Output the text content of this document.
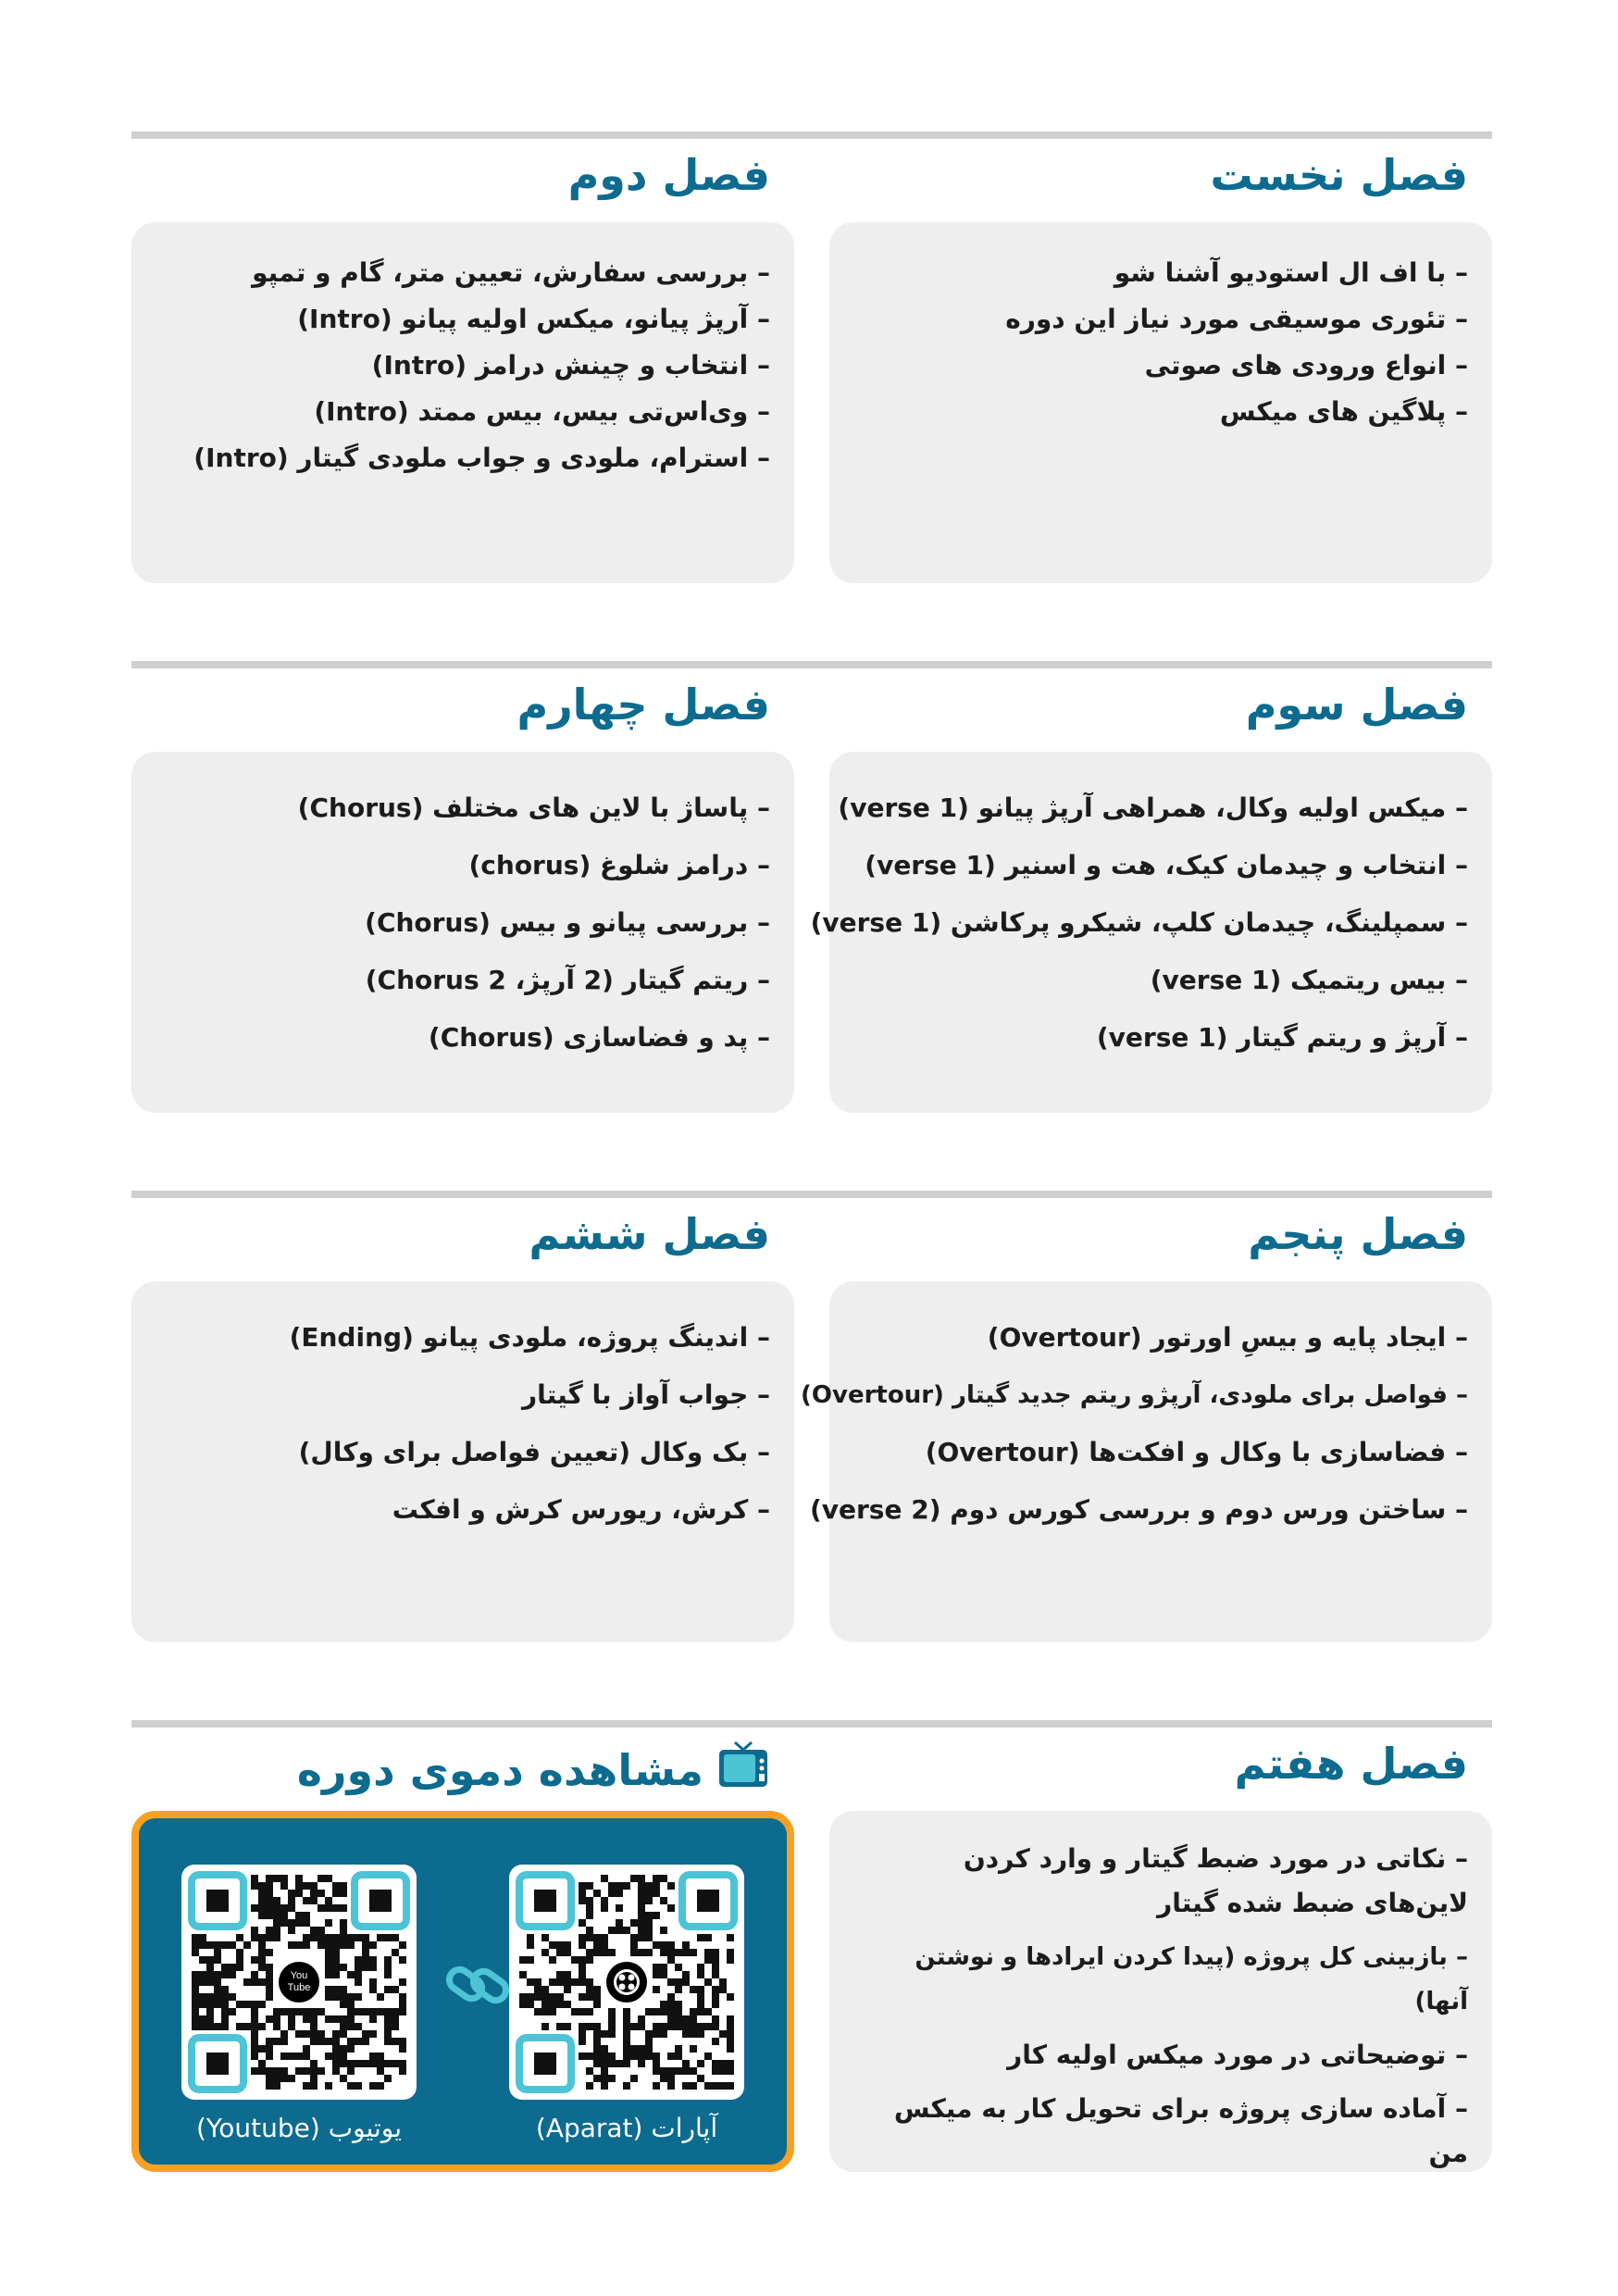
فصل نخست
فصل دوم
– با اف ال استودیو آشنا شو
– تئوری موسیقی مورد نیاز این دوره
– انواع ورودی های صوتی
– پلاگین های میکس
– بررسی سفارش، تعیین متر، گام و تمپو
– آرپژ پیانو، میکس اولیه پیانو (Intro)
– انتخاب و چینش درامز (Intro)
– وی‌اس‌تی بیس، بیس ممتد (Intro)
– استرام، ملودی و جواب ملودی گیتار (Intro)
فصل سوم
فصل چهارم
– میکس اولیه وکال، همراهی آرپژ پیانو (1 verse)
– انتخاب و چیدمان کیک، هت و اسنیر (1 verse)
– سمپلینگ، چیدمان کلپ، شیکرو پرکاشن (1 verse)
– بیس ریتمیک (1 verse)
– آرپژ و ریتم گیتار (1 verse)
– پاساژ با لاین های مختلف (Chorus)
– درامز شلوغ (chorus)
– بررسی پیانو و بیس (Chorus)
– ریتم گیتار (2 آرپژ، 2 Chorus)
– پد و فضاسازی (Chorus)
فصل پنجم
فصل ششم
– ایجاد پایه و بیسِ اورتور (Overtour)
– فواصل برای ملودی، آرپژو ریتم جدید گیتار (Overtour)
– فضاسازی با وکال و افکت‌ها (Overtour)
– ساختن ورس دوم و بررسی کورس دوم (2 verse)
– اندینگ پروژه، ملودی پیانو (Ending)
– جواب آواز با گیتار
– بک وکال (تعیین فواصل برای وکال)
– کرش، ریورس کرش و افکت
فصل هفتم
مشاهده دموی دوره
– نکاتی در مورد ضبط گیتار و وارد کردن لاین‌های ضبط شده گیتار
– بازبینی کل پروژه (پیدا کردن ایرادها و نوشتن آنها)
– توضیحاتی در مورد میکس اولیه کار
– آماده سازی پروژه برای تحویل کار به میکس من
You Tube
یوتیوب (Youtube)	آپارات (Aparat)
